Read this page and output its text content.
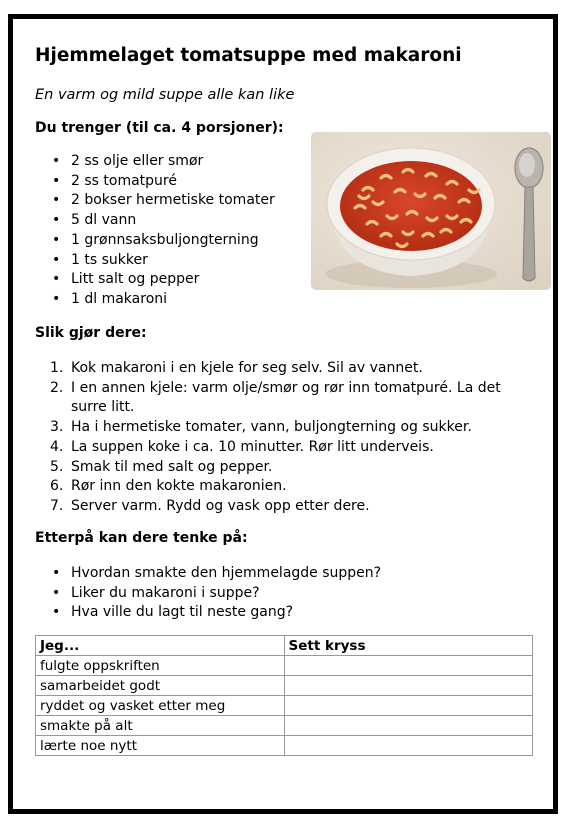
Hjemmelaget tomatsuppe med makaroni

En varm og mild suppe alle kan like

Du trenger (til ca. 4 porsjoner):
• 2 ss olje eller smør
• 2 ss tomatpuré
• 2 bokser hermetiske tomater
• 5 dl vann
• 1 grønnsaksbuljongterning
• 1 ts sukker
• Litt salt og pepper
• 1 dl makaroni
Slik gjør dere:
1. Kok makaroni i en kjele for seg selv. Sil av vannet.
2. I en annen kjele: varm olje/smør og rør inn tomatpuré. La det surre litt.
3. Ha i hermetiske tomater, vann, buljongterning og sukker.
4. La suppen koke i ca. 10 minutter. Rør litt underveis.
5. Smak til med salt og pepper.
6. Rør inn den kokte makaronien.
7. Server varm. Rydd og vask opp etter dere.
Etterpå kan dere tenke på:
• Hvordan smakte den hjemmelagde suppen?
• Liker du makaroni i suppe?
• Hva ville du lagt til neste gang?
Jeg...	Sett kryss
fulgte oppskriften	
samarbeidet godt	
ryddet og vasket etter meg	
smakte på alt	
lærte noe nytt	
